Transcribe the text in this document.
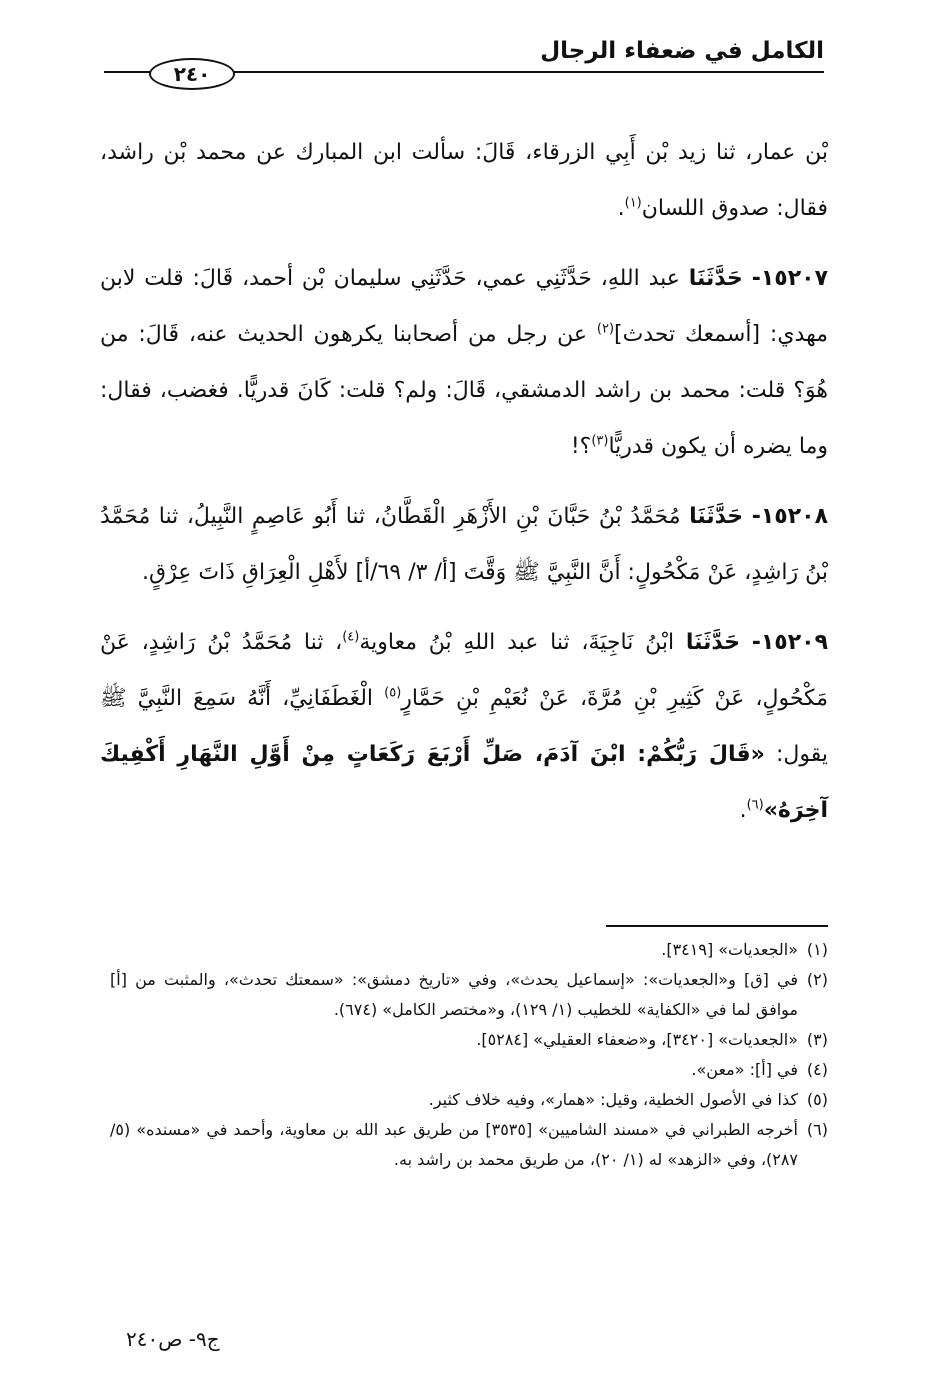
الكامل في ضعفاء الرجال
٢٤٠

بْن عمار، ثنا زيد بْن أَبِي الزرقاء، قَالَ: سألت ابن المبارك عن محمد بْن راشد، فقال: صدوق اللسان$^{(١)}$.

١٥٢٠٧- حَدَّثَنَا عبد اللهِ، حَدَّثَنِي عمي، حَدَّثَنِي سليمان بْن أحمد، قَالَ: قلت لابن مهدي: [أسمعك تحدث]$^{(٢)}$ عن رجل من أصحابنا يكرهون الحديث عنه، قَالَ: من هُوَ؟ قلت: محمد بن راشد الدمشقي، قَالَ: ولم؟ قلت: كَانَ قدريًّا. فغضب، فقال: وما يضره أن يكون قدريًّا$^{(٣)}$؟!

١٥٢٠٨- حَدَّثَنَا مُحَمَّدُ بْنُ حَبَّانَ بْنِ الأَزْهَرِ الْقَطَّانُ، ثنا أَبُو عَاصِمٍ النَّبِيلُ، ثنا مُحَمَّدُ بْنُ رَاشِدٍ، عَنْ مَكْحُولٍ: أَنَّ النَّبِيَّ ﷺ وَقَّتَ [أ/ ٣/ ٦٩/أ] لأَهْلِ الْعِرَاقِ ذَاتَ عِرْقٍ.

١٥٢٠٩- حَدَّثَنَا ابْنُ نَاجِيَةَ، ثنا عبد اللهِ بْنُ معاوية$^{(٤)}$، ثنا مُحَمَّدُ بْنُ رَاشِدٍ، عَنْ مَكْحُولٍ، عَنْ كَثِيرِ بْنِ مُرَّةَ، عَنْ نُعَيْمِ بْنِ حَمَّارٍ$^{(٥)}$ الْغَطَفَانِيِّ، أَنَّهُ سَمِعَ النَّبِيَّ ﷺ يقول: «قَالَ رَبُّكُمْ: ابْنَ آدَمَ، صَلِّ أَرْبَعَ رَكَعَاتٍ مِنْ أَوَّلِ النَّهَارِ أَكْفِيكَ آخِرَهُ»$^{(٦)}$.

(١)
«الجعديات» [٣٤١٩].

(٢)
في [ق] و«الجعديات»: «إسماعيل يحدث»، وفي «تاريخ دمشق»: «سمعتك تحدث»، والمثبت من [أ] موافق لما في «الكفاية» للخطيب (١/ ١٢٩)، و«مختصر الكامل» (٦٧٤).

(٣)
«الجعديات» [٣٤٢٠]، و«ضعفاء العقيلي» [٥٢٨٤].

(٤)
في [أ]: «معن».

(٥)
كذا في الأصول الخطية، وقيل: «همار»، وفيه خلاف كثير.

(٦)
أخرجه الطبراني في «مسند الشاميين» [٣٥٣٥] من طريق عبد الله بن معاوية، وأحمد في «مسنده» (٥/ ٢٨٧)، وفي «الزهد» له (١/ ٢٠)، من طريق محمد بن راشد به.

ج٩- ص٢٤٠
